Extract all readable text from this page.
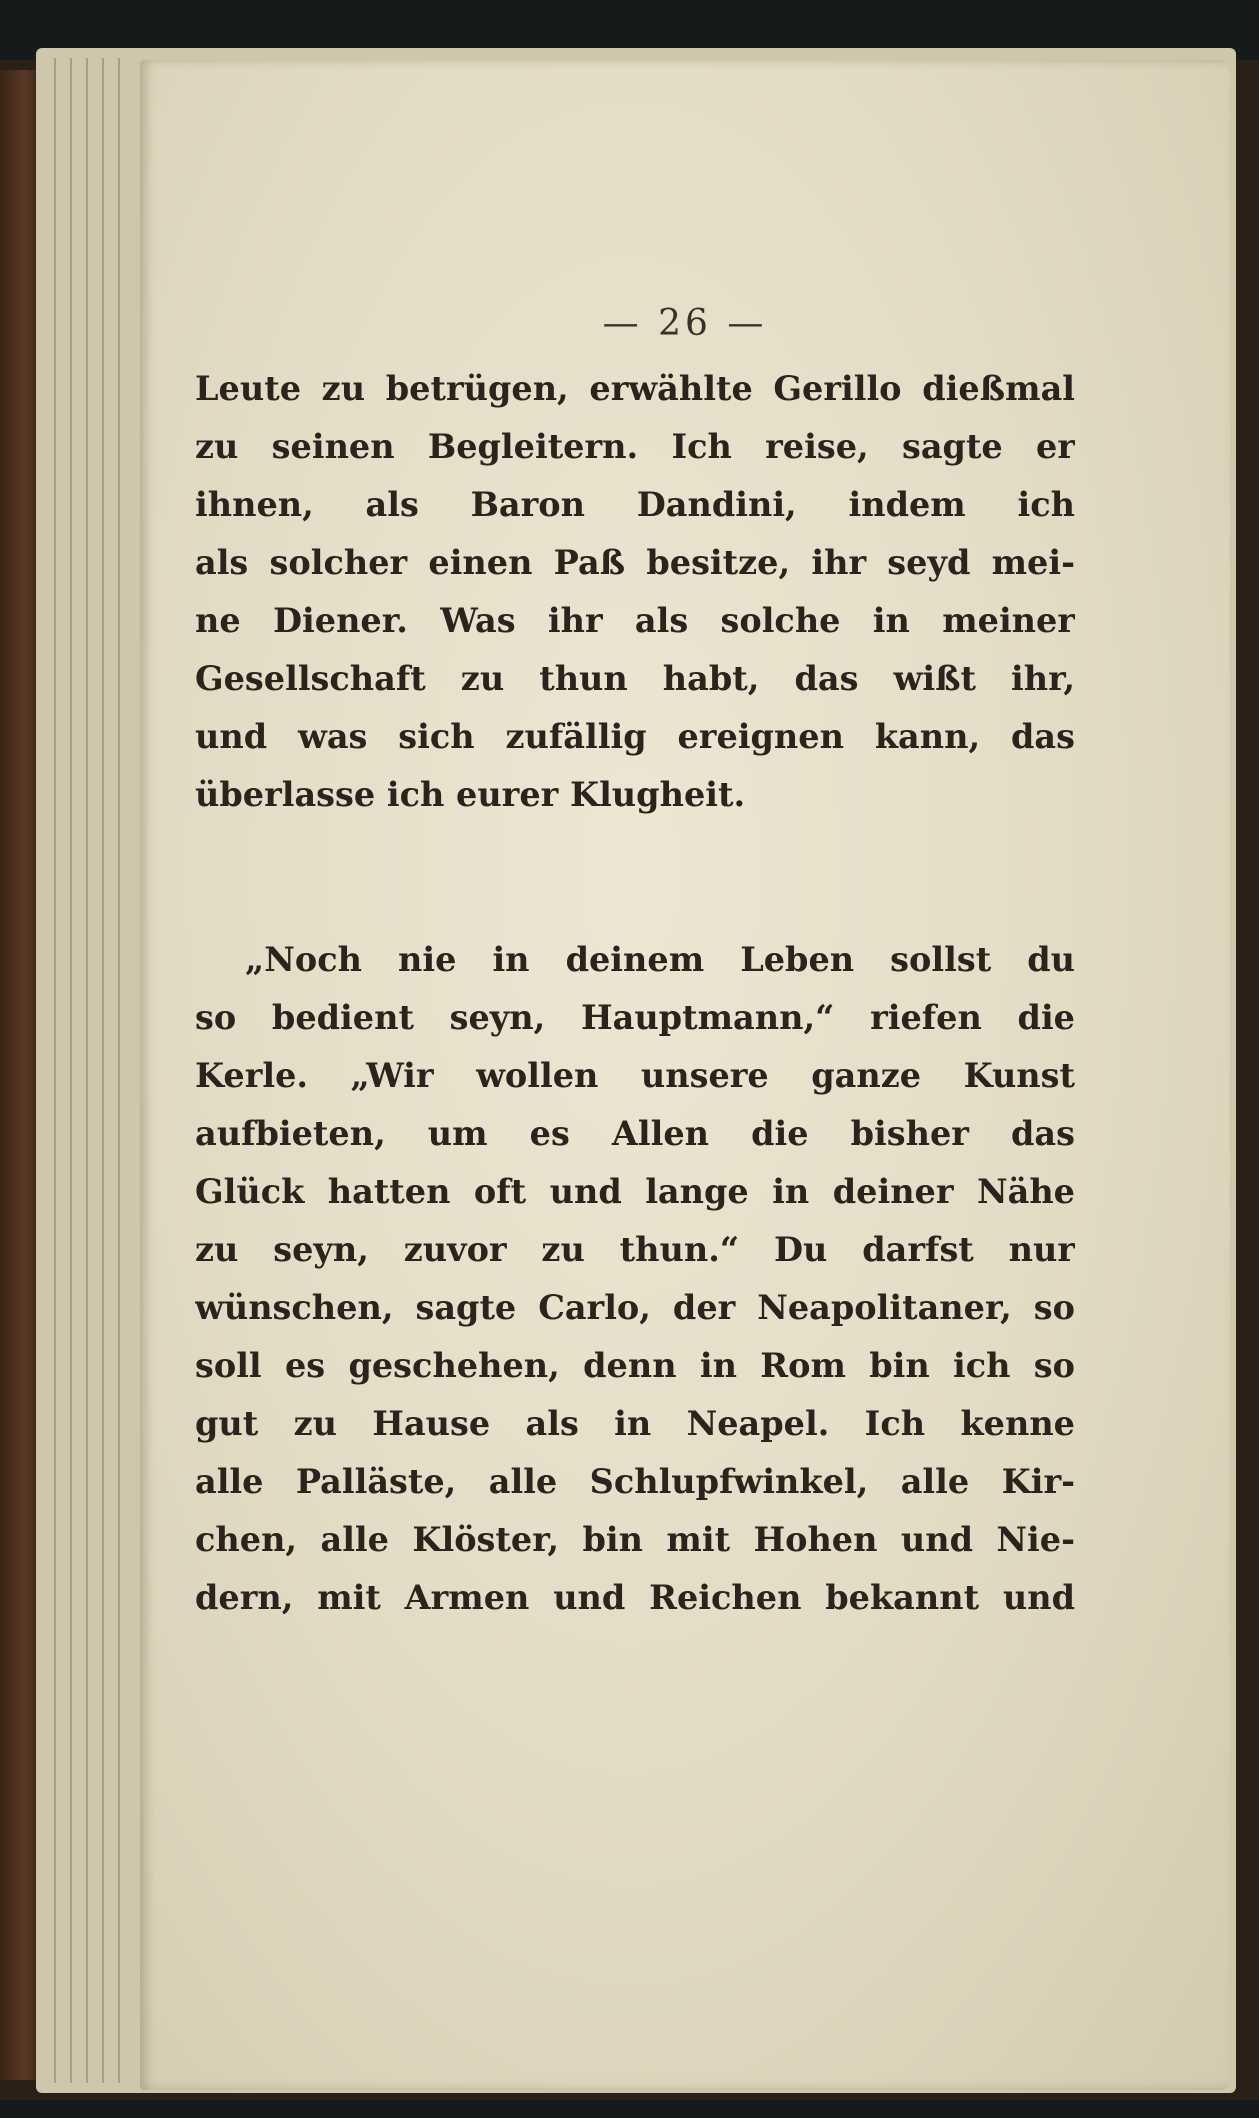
— 26 —
Leute zu betrügen, erwählte Gerillo dießmal
zu seinen Begleitern. Ich reise, sagte er
ihnen, als Baron Dandini, indem ich
als solcher einen Paß besitze, ihr seyd mei-
ne Diener. Was ihr als solche in meiner
Gesellschaft zu thun habt, das wißt ihr,
und was sich zufällig ereignen kann, das
überlasse ich eurer Klugheit.
„Noch nie in deinem Leben sollst du
so bedient seyn, Hauptmann,“ riefen die
Kerle. „Wir wollen unsere ganze Kunst
aufbieten, um es Allen die bisher das
Glück hatten oft und lange in deiner Nähe
zu seyn, zuvor zu thun.“ Du darfst nur
wünschen, sagte Carlo, der Neapolitaner, so
soll es geschehen, denn in Rom bin ich so
gut zu Hause als in Neapel. Ich kenne
alle Palläste, alle Schlupfwinkel, alle Kir-
chen, alle Klöster, bin mit Hohen und Nie-
dern, mit Armen und Reichen bekannt und
